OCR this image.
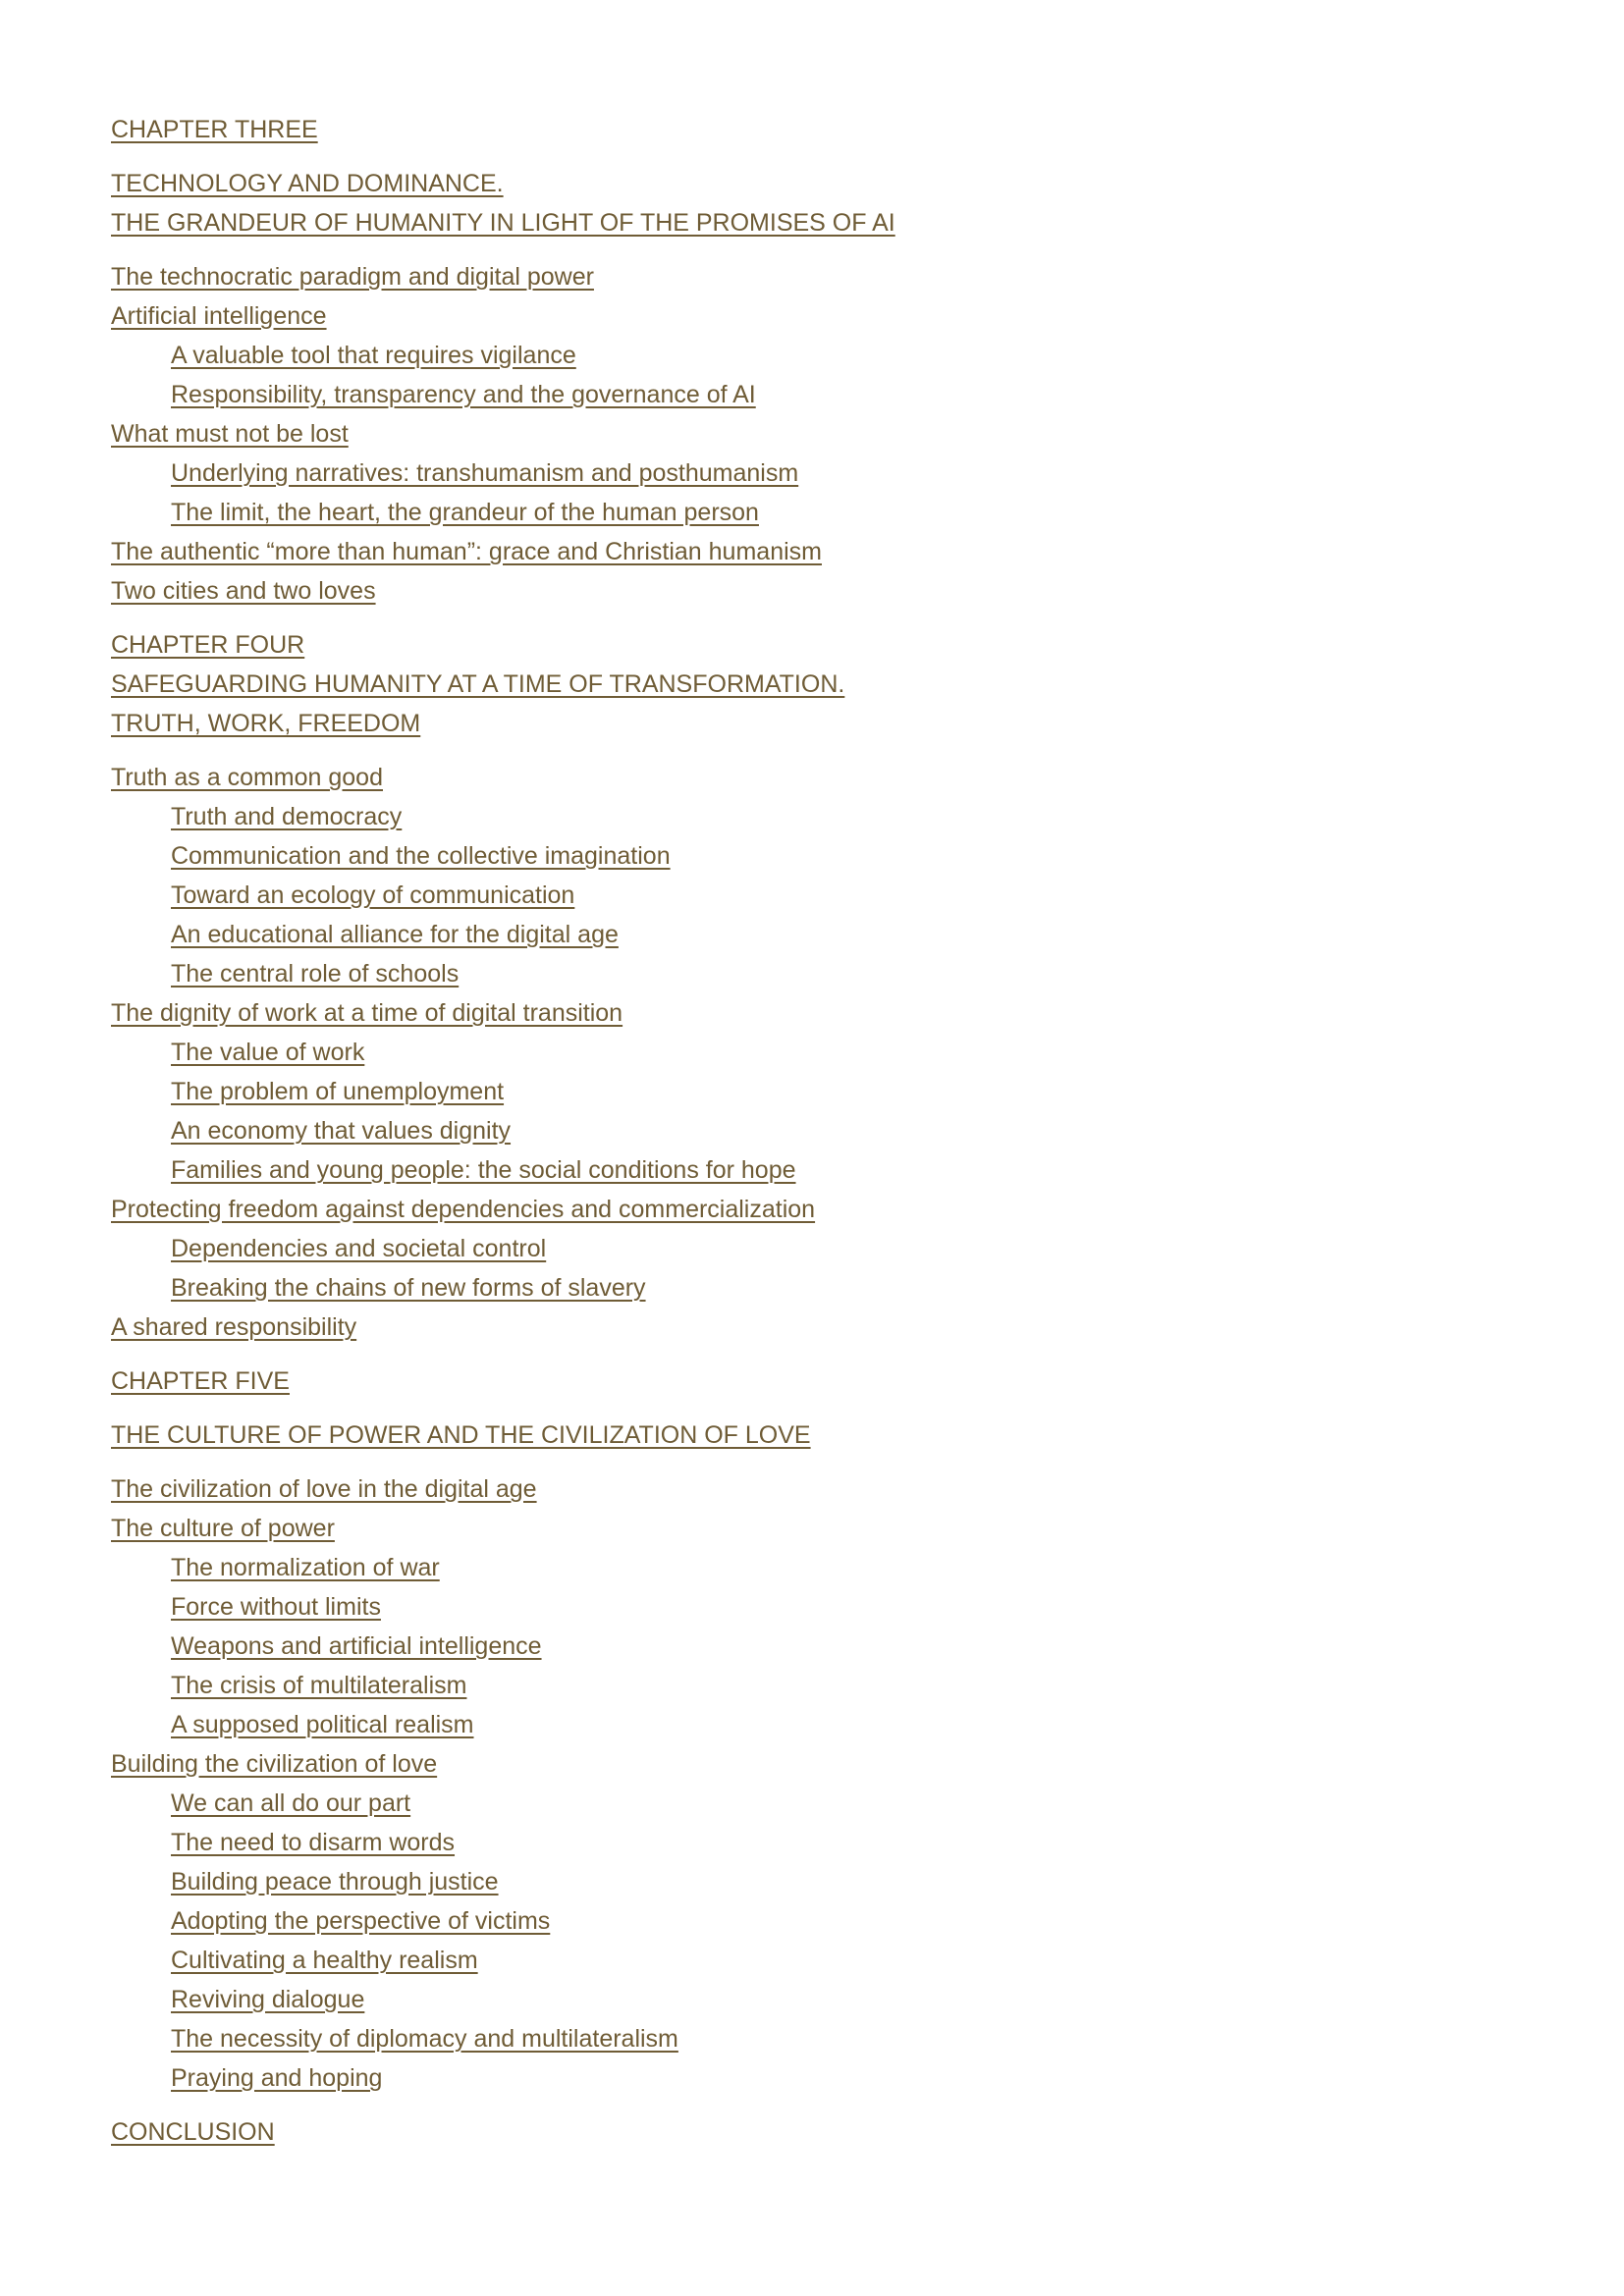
CHAPTER THREE
TECHNOLOGY AND DOMINANCE.
THE GRANDEUR OF HUMANITY IN LIGHT OF THE PROMISES OF AI
The technocratic paradigm and digital power
Artificial intelligence
A valuable tool that requires vigilance
Responsibility, transparency and the governance of AI
What must not be lost
Underlying narratives: transhumanism and posthumanism
The limit, the heart, the grandeur of the human person
The authentic “more than human”: grace and Christian humanism
Two cities and two loves
CHAPTER FOUR
SAFEGUARDING HUMANITY AT A TIME OF TRANSFORMATION.
TRUTH, WORK, FREEDOM
Truth as a common good
Truth and democracy
Communication and the collective imagination
Toward an ecology of communication
An educational alliance for the digital age
The central role of schools
The dignity of work at a time of digital transition
The value of work
The problem of unemployment
An economy that values dignity
Families and young people: the social conditions for hope
Protecting freedom against dependencies and commercialization
Dependencies and societal control
Breaking the chains of new forms of slavery
A shared responsibility
CHAPTER FIVE
THE CULTURE OF POWER AND THE CIVILIZATION OF LOVE
The civilization of love in the digital age
The culture of power
The normalization of war
Force without limits
Weapons and artificial intelligence
The crisis of multilateralism
A supposed political realism
Building the civilization of love
We can all do our part
The need to disarm words
Building peace through justice
Adopting the perspective of victims
Cultivating a healthy realism
Reviving dialogue
The necessity of diplomacy and multilateralism
Praying and hoping
CONCLUSION
